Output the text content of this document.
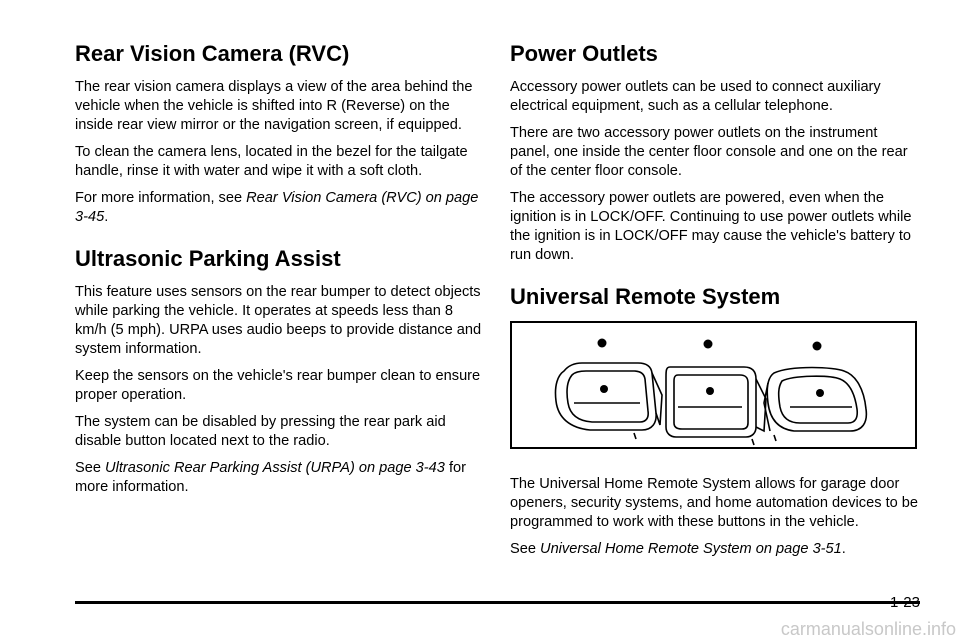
Rear Vision Camera (RVC)

The rear vision camera displays a view of the area behind the vehicle when the vehicle is shifted into R (Reverse) on the inside rear view mirror or the navigation screen, if equipped.

To clean the camera lens, located in the bezel for the tailgate handle, rinse it with water and wipe it with a soft cloth.

For more information, see Rear Vision Camera (RVC) on page 3-45.

Ultrasonic Parking Assist

This feature uses sensors on the rear bumper to detect objects while parking the vehicle. It operates at speeds less than 8 km/h (5 mph). URPA uses audio beeps to provide distance and system information.

Keep the sensors on the vehicle's rear bumper clean to ensure proper operation.

The system can be disabled by pressing the rear park aid disable button located next to the radio.

See Ultrasonic Rear Parking Assist (URPA) on page 3-43 for more information.

Power Outlets

Accessory power outlets can be used to connect auxiliary electrical equipment, such as a cellular telephone.

There are two accessory power outlets on the instrument panel, one inside the center floor console and one on the rear of the center floor console.

The accessory power outlets are powered, even when the ignition is in LOCK/OFF. Continuing to use power outlets while the ignition is in LOCK/OFF may cause the vehicle's battery to run down.

Universal Remote System

The Universal Home Remote System allows for garage door openers, security systems, and home automation devices to be programmed to work with these buttons in the vehicle.

See Universal Home Remote System on page 3-51.

1-23
carmanualsonline.info
